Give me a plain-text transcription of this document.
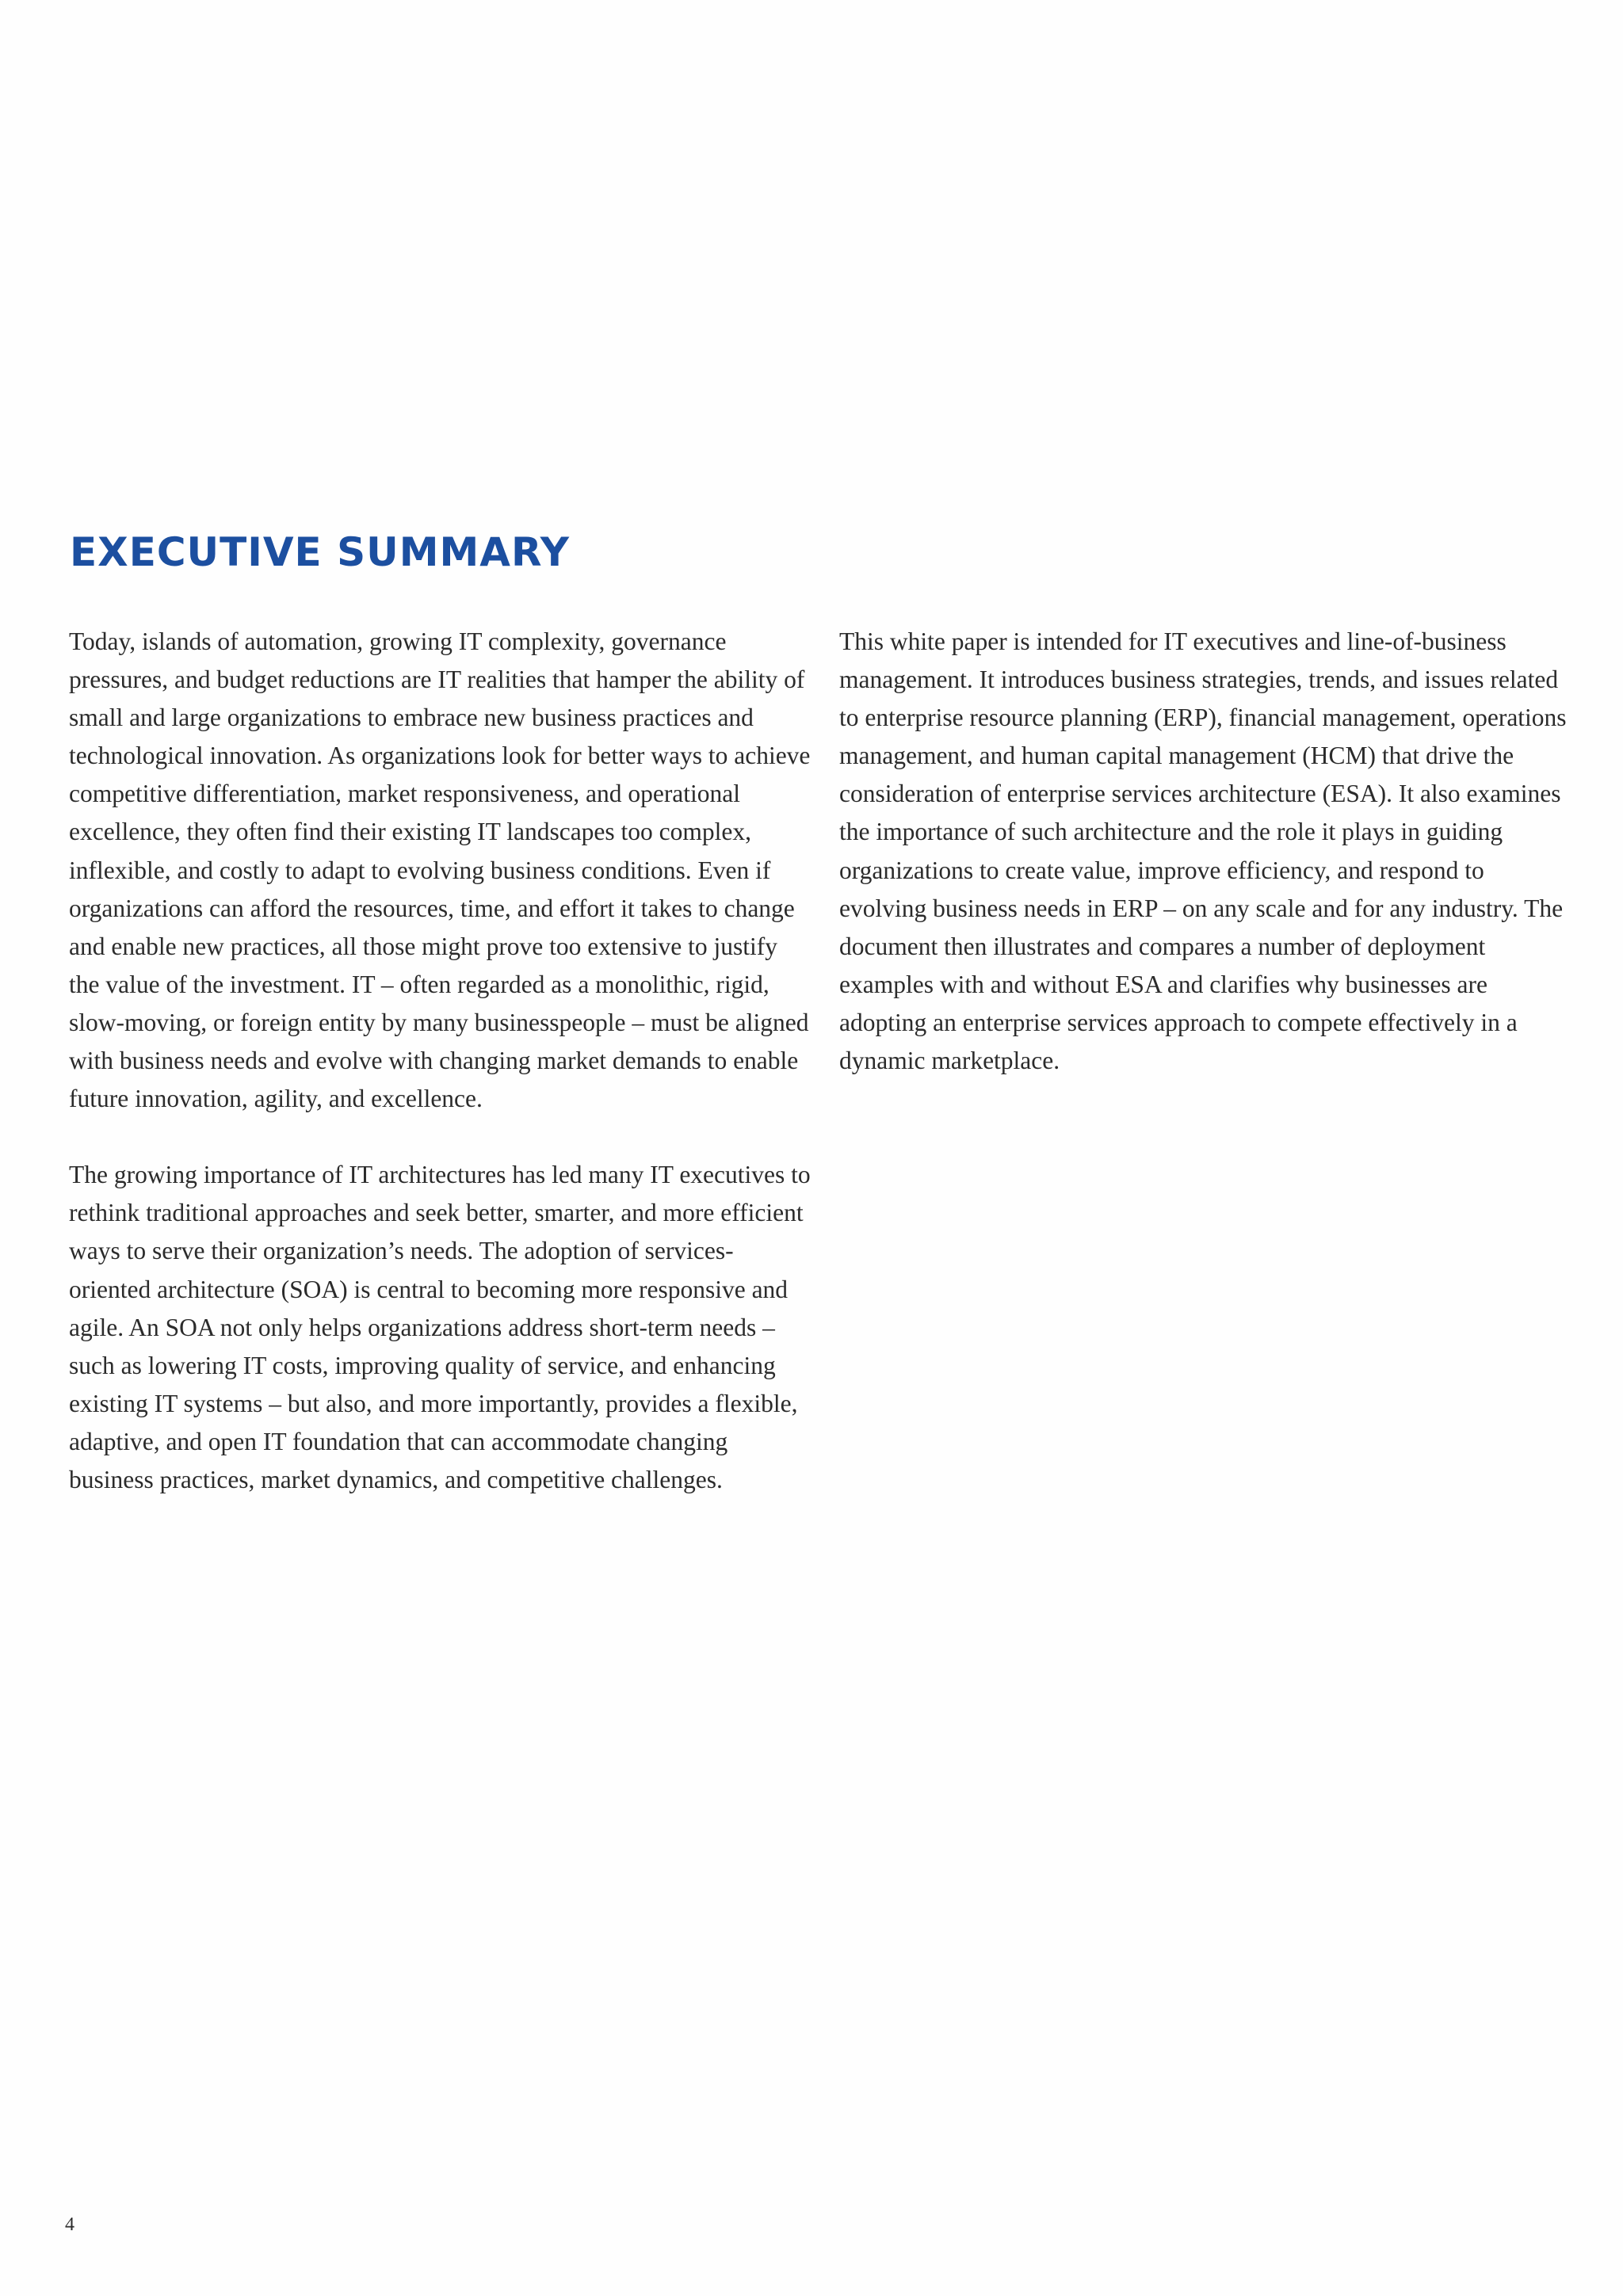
EXECUTIVE SUMMARY

Today, islands of automation, growing IT complexity, governance pressures, and budget reductions are IT realities that hamper the ability of small and large organizations to embrace new business practices and technological innovation. As organizations look for better ways to achieve competitive differentiation, market responsiveness, and operational excellence, they often find their existing IT landscapes too complex, inflexible, and costly to adapt to evolving business conditions. Even if organizations can afford the resources, time, and effort it takes to change and enable new practices, all those might prove too extensive to justify the value of the investment. IT – often regarded as a monolithic, rigid, slow-moving, or foreign entity by many businesspeople – must be aligned with business needs and evolve with changing market demands to enable future innovation, agility, and excellence.

The growing importance of IT architectures has led many IT executives to rethink traditional approaches and seek better, smarter, and more efficient ways to serve their organization’s needs. The adoption of services-oriented architecture (SOA) is central to becoming more responsive and agile. An SOA not only helps organizations address short-term needs – such as lowering IT costs, improving quality of service, and enhancing existing IT systems – but also, and more importantly, provides a flexible, adaptive, and open IT foundation that can accommodate changing business practices, market dynamics, and competitive challenges.

This white paper is intended for IT executives and line-of-business management. It introduces business strategies, trends, and issues related to enterprise resource planning (ERP), financial management, operations management, and human capital management (HCM) that drive the consideration of enterprise services architecture (ESA). It also examines the importance of such architecture and the role it plays in guiding organizations to create value, improve efficiency, and respond to evolving business needs in ERP – on any scale and for any industry. The document then illustrates and compares a number of deployment examples with and without ESA and clarifies why businesses are adopting an enterprise services approach to compete effectively in a dynamic marketplace.

4
